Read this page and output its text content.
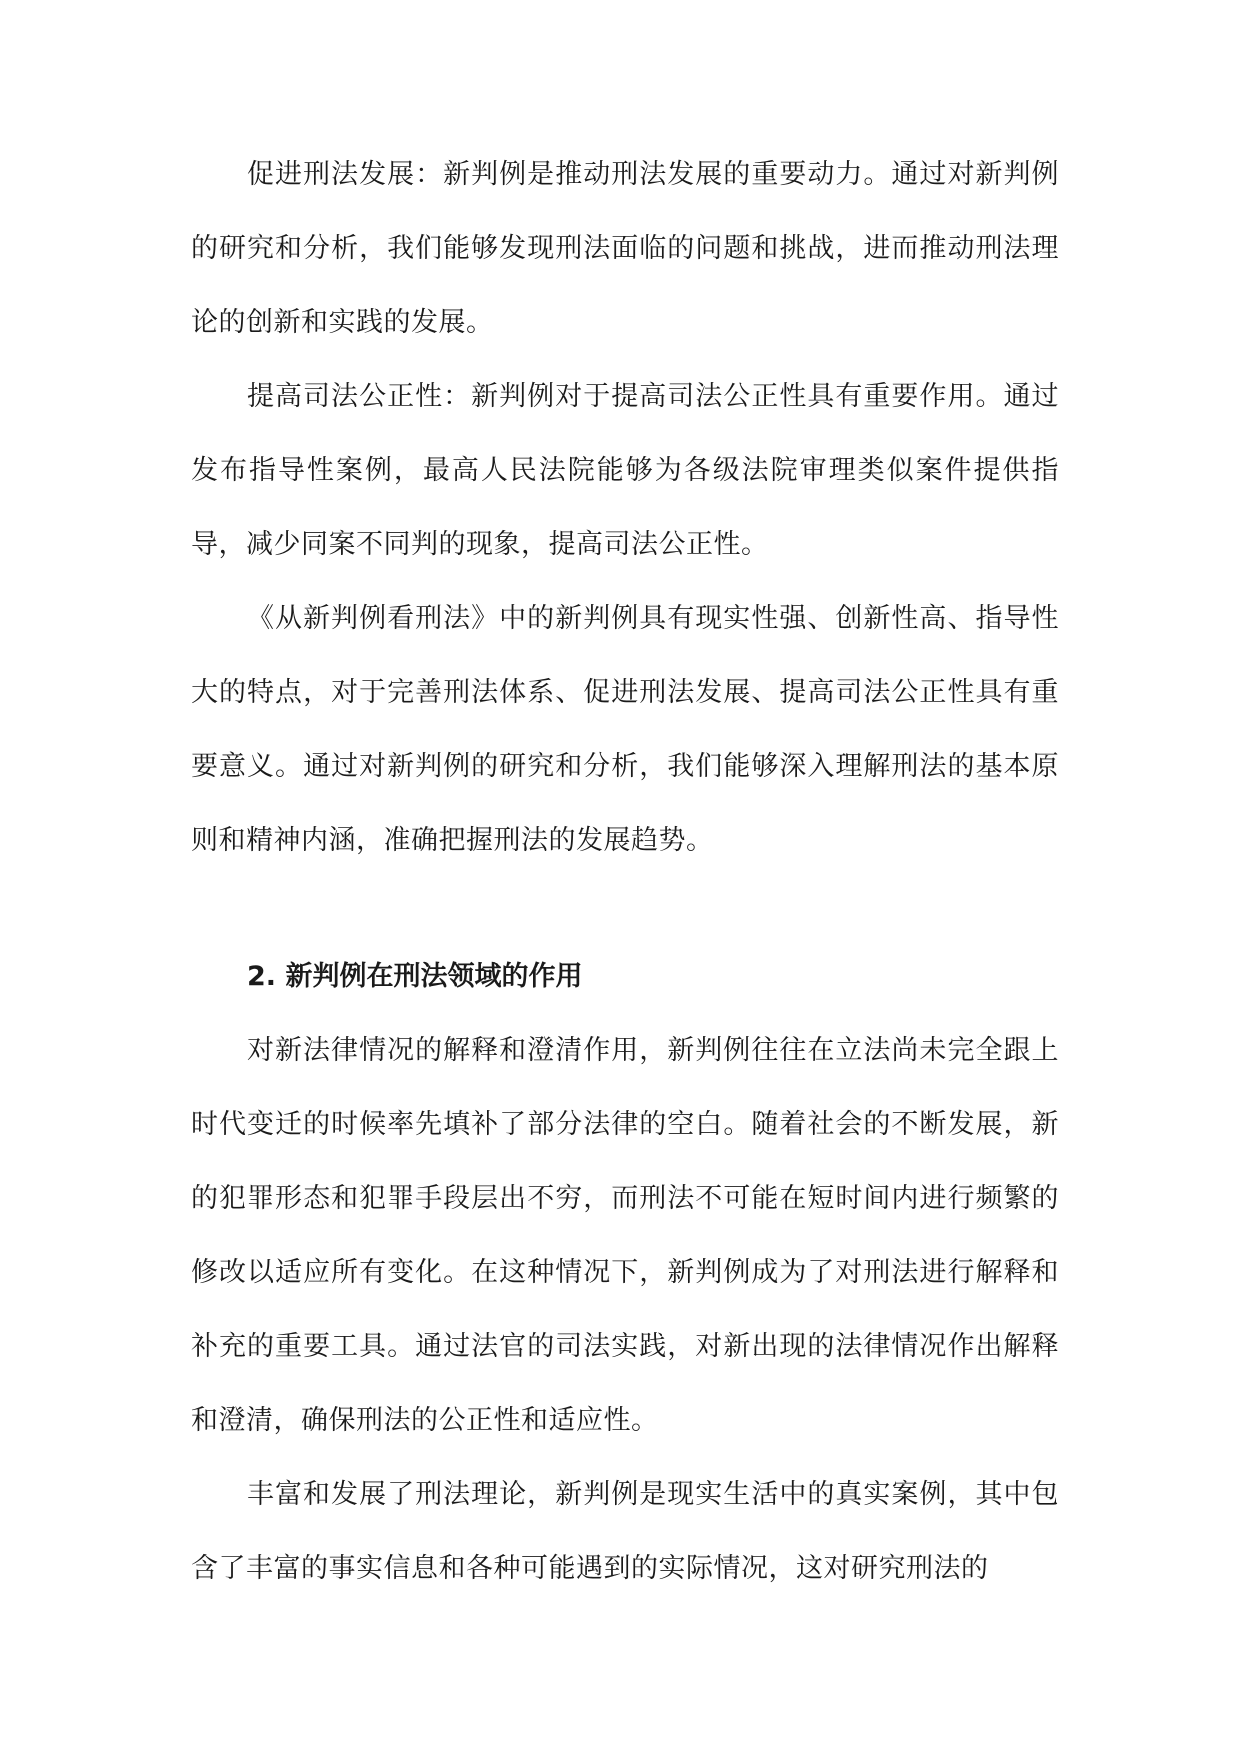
促进刑法发展：新判例是推动刑法发展的重要动力。通过对新判例的研究和分析，我们能够发现刑法面临的问题和挑战，进而推动刑法理论的创新和实践的发展。

提高司法公正性：新判例对于提高司法公正性具有重要作用。通过发布指导性案例，最高人民法院能够为各级法院审理类似案件提供指导，减少同案不同判的现象，提高司法公正性。

《从新判例看刑法》中的新判例具有现实性强、创新性高、指导性大的特点，对于完善刑法体系、促进刑法发展、提高司法公正性具有重要意义。通过对新判例的研究和分析，我们能够深入理解刑法的基本原则和精神内涵，准确把握刑法的发展趋势。

2. 新判例在刑法领域的作用

对新法律情况的解释和澄清作用，新判例往往在立法尚未完全跟上时代变迁的时候率先填补了部分法律的空白。随着社会的不断发展，新的犯罪形态和犯罪手段层出不穷，而刑法不可能在短时间内进行频繁的修改以适应所有变化。在这种情况下，新判例成为了对刑法进行解释和补充的重要工具。通过法官的司法实践，对新出现的法律情况作出解释和澄清，确保刑法的公正性和适应性。

丰富和发展了刑法理论，新判例是现实生活中的真实案例，其中包含了丰富的事实信息和各种可能遇到的实际情况，这对研究刑法的
